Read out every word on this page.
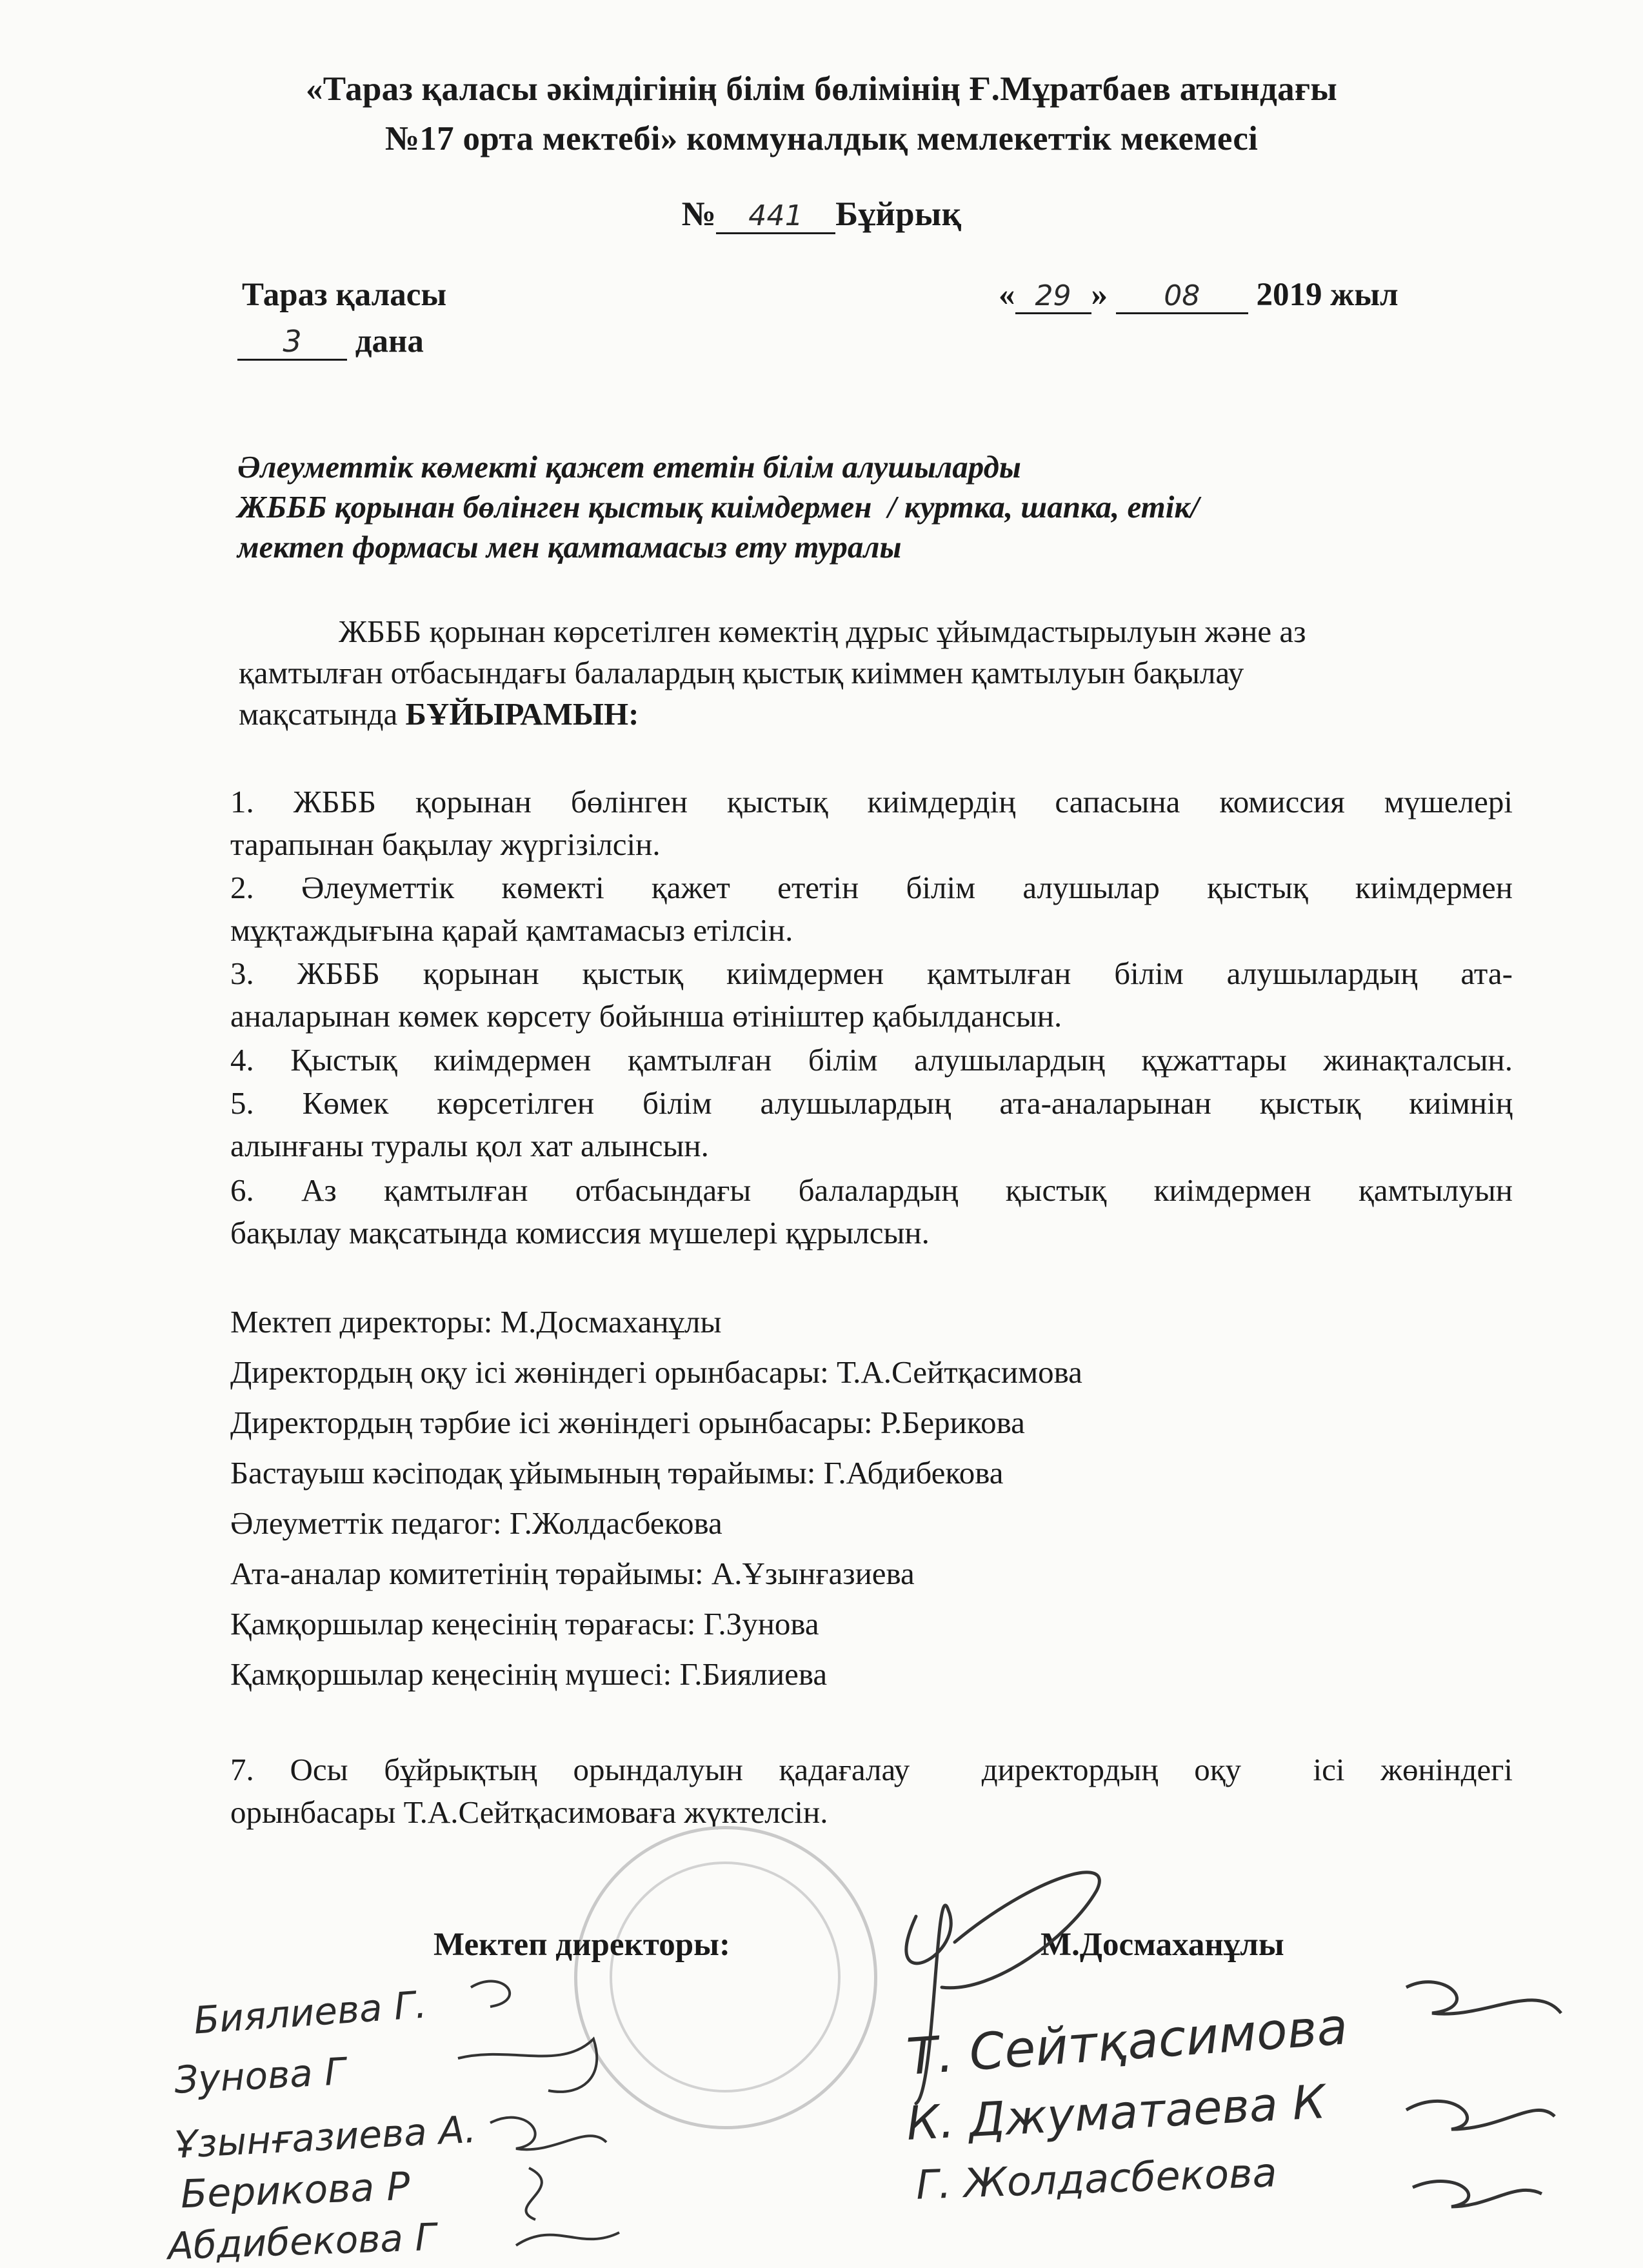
«Тараз қаласы әкімдігінің білім бөлімінің Ғ.Мұратбаев атындағы
№17 орта мектебі» коммуналдық мемлекеттік мекемесі
№ 441 Бұйрық
Тараз қаласы	« 29 » 08 2019 жыл
3 дана
Әлеуметтік көмекті қажет ететін білім алушыларды
ЖБББ қорынан бөлінген қыстық киімдермен  / куртка, шапка, етік/
мектеп формасы мен қамтамасыз ету туралы
ЖБББ қорынан көрсетілген көмектің дұрыс ұйымдастырылуын және аз
қамтылған отбасындағы балалардың қыстық киіммен қамтылуын бақылау
мақсатында БҰЙЫРАМЫН:
1. ЖБББ қорынан бөлінген қыстық киімдердің сапасына комиссия мүшелері
тарапынан бақылау жүргізілсін.
2. Әлеуметтік көмекті қажет ететін білім алушылар қыстық киімдермен
мұқтаждығына қарай қамтамасыз етілсін.
3. ЖБББ қорынан қыстық киімдермен қамтылған білім алушылардың ата-
аналарынан көмек көрсету бойынша өтініштер қабылдансын.
4. Қыстық киімдермен қамтылған білім алушылардың құжаттары жинақталсын.
5. Көмек көрсетілген білім алушылардың ата-аналарынан қыстық киімнің
алынғаны туралы қол хат алынсын.
6. Аз қамтылған отбасындағы балалардың қыстық киімдермен қамтылуын
бақылау мақсатында комиссия мүшелері құрылсын.
Мектеп директоры: М.Досмаханұлы
Директордың оқу ісі жөніндегі орынбасары: Т.А.Сейтқасимова
Директордың тәрбие ісі жөніндегі орынбасары: Р.Берикова
Бастауыш кәсіподақ ұйымының төрайымы: Г.Абдибекова
Әлеуметтік педагог: Г.Жолдасбекова
Ата-аналар комитетінің төрайымы: А.Ұзынғазиева
Қамқоршылар кеңесінің төрағасы: Г.Зунова
Қамқоршылар кеңесінің мүшесі: Г.Биялиева
7. Осы бұйрықтың орындалуын қадағалау  директордың оқу  ісі жөніндегі
орынбасары Т.А.Сейтқасимоваға жүктелсін.
Мектеп директоры:	М.Досмаханұлы
Биялиева Г.
Зунова Г
Ұзынғазиева А.
Берикова Р
Абдибекова Г
Т. Сейтқасимова
К. Джуматаева К
Г. Жолдасбекова
